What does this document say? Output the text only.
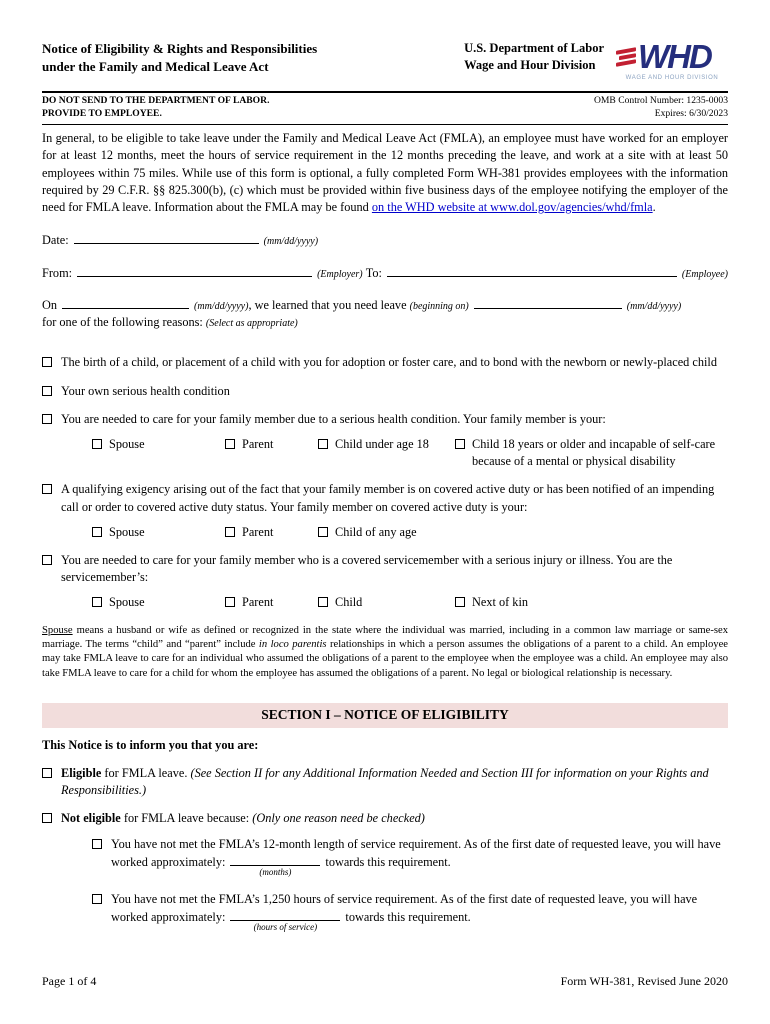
Notice of Eligibility & Rights and Responsibilities
under the Family and Medical Leave Act
U.S. Department of Labor
Wage and Hour Division WHD ★
WAGE AND HOUR DIVISION
DO NOT SEND TO THE DEPARTMENT OF LABOR.
PROVIDE TO EMPLOYEE.
OMB Control Number: 1235-0003
Expires: 6/30/2023

In general, to be eligible to take leave under the Family and Medical Leave Act (FMLA), an employee must have worked for an employer for at least 12 months, meet the hours of service requirement in the 12 months preceding the leave, and work at a site with at least 50 employees within 75 miles. While use of this form is optional, a fully completed Form WH-381 provides employees with the information required by 29 C.F.R. §§ 825.300(b), (c) which must be provided within five business days of the employee notifying the employer of the need for FMLA leave. Information about the FMLA may be found on the WHD website at www.dol.gov/agencies/whd/fmla.

Date:	(mm/dd/yyyy)
From:	(Employer)
To:	(Employee)

On	(mm/dd/yyyy), we learned that you need leave (beginning on)	(mm/dd/yyyy)
for one of the following reasons: (Select as appropriate)

The birth of a child, or placement of a child with you for adoption or foster care, and to bond with the newborn or newly-placed child
Your own serious health condition
You are needed to care for your family member due to a serious health condition. Your family member is your:
Spouse	Parent	Child under age 18	Child 18 years or older and incapable of self-care because of a mental or physical disability
A qualifying exigency arising out of the fact that your family member is on covered active duty or has been notified of an impending call or order to covered active duty status. Your family member on covered active duty is your:
Spouse	Parent	Child of any age
You are needed to care for your family member who is a covered servicemember with a serious injury or illness. You are the servicemember’s:
Spouse	Parent	Child	Next of kin

Spouse means a husband or wife as defined or recognized in the state where the individual was married, including in a common law marriage or same-sex marriage. The terms “child” and “parent” include in loco parentis relationships in which a person assumes the obligations of a parent to a child. An employee may take FMLA leave to care for an individual who assumed the obligations of a parent to the employee when the employee was a child. An employee may also take FMLA leave to care for a child for whom the employee has assumed the obligations of a parent. No legal or biological relationship is necessary.

SECTION I – NOTICE OF ELIGIBILITY
This Notice is to inform you that you are:
Eligible for FMLA leave. (See Section II for any Additional Information Needed and Section III for information on your Rights and Responsibilities.)
Not eligible for FMLA leave because: (Only one reason need be checked)
You have not met the FMLA’s 12-month length of service requirement. As of the first date of requested leave, you will have worked approximately:
(months)
towards this requirement.
You have not met the FMLA’s 1,250 hours of service requirement. As of the first date of requested leave, you will have worked approximately:
(hours of service)
towards this requirement.
Page 1 of 4	Form WH-381, Revised June 2020
